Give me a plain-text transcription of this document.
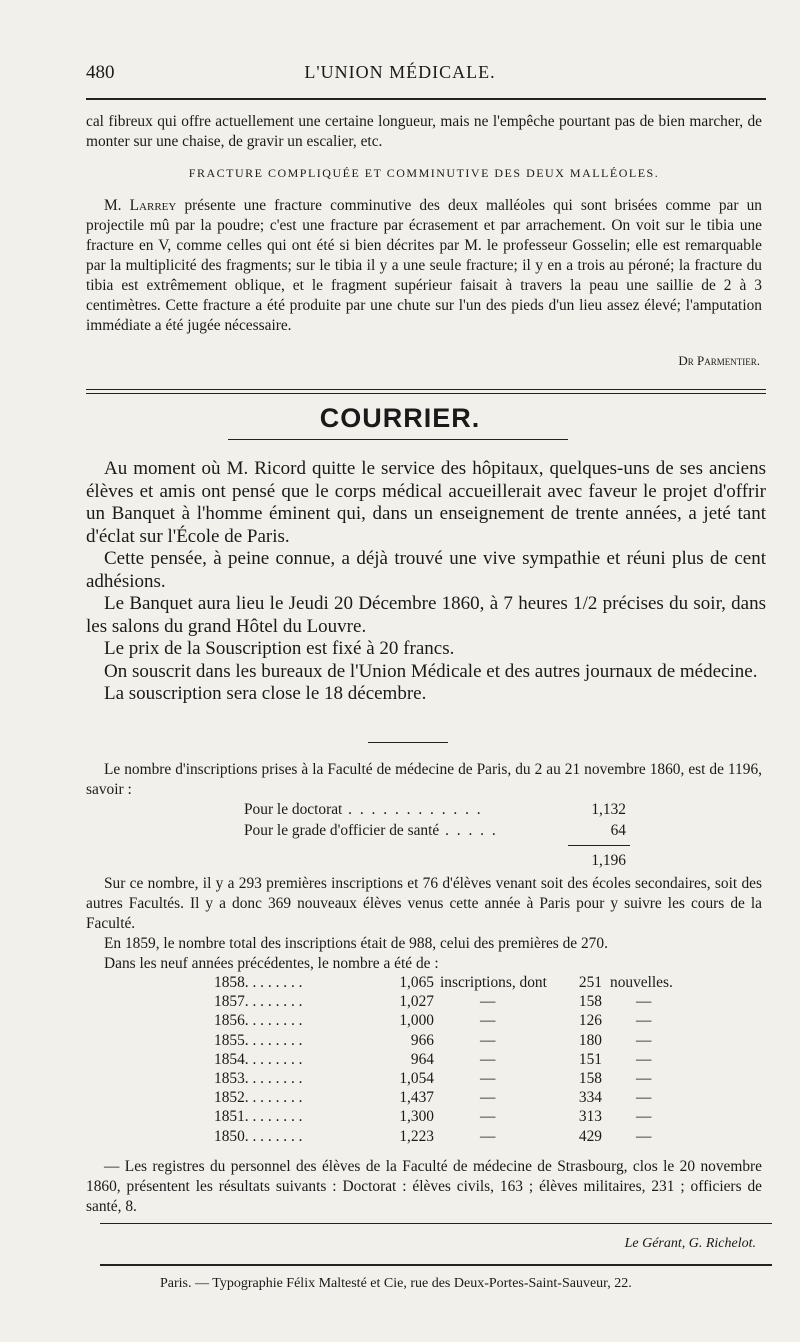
480	L'UNION MÉDICALE.
cal fibreux qui offre actuellement une certaine longueur, mais ne l'empêche pourtant pas de bien marcher, de monter sur une chaise, de gravir un escalier, etc.
FRACTURE COMPLIQUÉE ET COMMINUTIVE DES DEUX MALLÉOLES.
M. Larrey présente une fracture comminutive des deux malléoles qui sont brisées comme par un projectile mû par la poudre; c'est une fracture par écrasement et par arrachement. On voit sur le tibia une fracture en V, comme celles qui ont été si bien décrites par M. le professeur Gosselin; elle est remarquable par la multiplicité des fragments; sur le tibia il y a une seule fracture; il y en a trois au péroné; la fracture du tibia est extrêmement oblique, et le fragment supérieur faisait à travers la peau une saillie de 2 à 3 centimètres. Cette fracture a été produite par une chute sur l'un des pieds d'un lieu assez élevé; l'amputation immédiate a été jugée nécessaire.
Dr Parmentier.
COURRIER.

Au moment où M. Ricord quitte le service des hôpitaux, quelques-uns de ses anciens élèves et amis ont pensé que le corps médical accueillerait avec faveur le projet d'offrir un Banquet à l'homme éminent qui, dans un enseignement de trente années, a jeté tant d'éclat sur l'École de Paris.

Cette pensée, à peine connue, a déjà trouvé une vive sympathie et réuni plus de cent adhésions.

Le Banquet aura lieu le Jeudi 20 Décembre 1860, à 7 heures 1/2 précises du soir, dans les salons du grand Hôtel du Louvre.

Le prix de la Souscription est fixé à 20 francs.

On souscrit dans les bureaux de l'Union Médicale et des autres journaux de médecine.

La souscription sera close le 18 décembre.

Le nombre d'inscriptions prises à la Faculté de médecine de Paris, du 2 au 21 novembre 1860, est de 1196, savoir :

Pour le doctorat . . . . . . . . . . . .	1,132
Pour le grade d'officier de santé . . . . .	64
1,196

Sur ce nombre, il y a 293 premières inscriptions et 76 d'élèves venant soit des écoles secondaires, soit des autres Facultés. Il y a donc 369 nouveaux élèves venus cette année à Paris pour y suivre les cours de la Faculté.

En 1859, le nombre total des inscriptions était de 988, celui des premières de 270.

Dans les neuf années précédentes, le nombre a été de :

1858. . . . . . . .	1,065 inscriptions, dont	251 nouvelles.
1857. . . . . . . .	1,027	—	158 —
1856. . . . . . . .	1,000	—	126 —
1855. . . . . . . .	966	—	180 —
1854. . . . . . . .	964	—	151 —
1853. . . . . . . .	1,054	—	158 —
1852. . . . . . . .	1,437	—	334 —
1851. . . . . . . .	1,300	—	313 —
1850. . . . . . . .	1,223	—	429 —

— Les registres du personnel des élèves de la Faculté de médecine de Strasbourg, clos le 20 novembre 1860, présentent les résultats suivants : Doctorat : élèves civils, 163 ; élèves militaires, 231 ; officiers de santé, 8.

Le Gérant, G. Richelot.
Paris. — Typographie Félix Maltesté et Cie, rue des Deux-Portes-Saint-Sauveur, 22.
